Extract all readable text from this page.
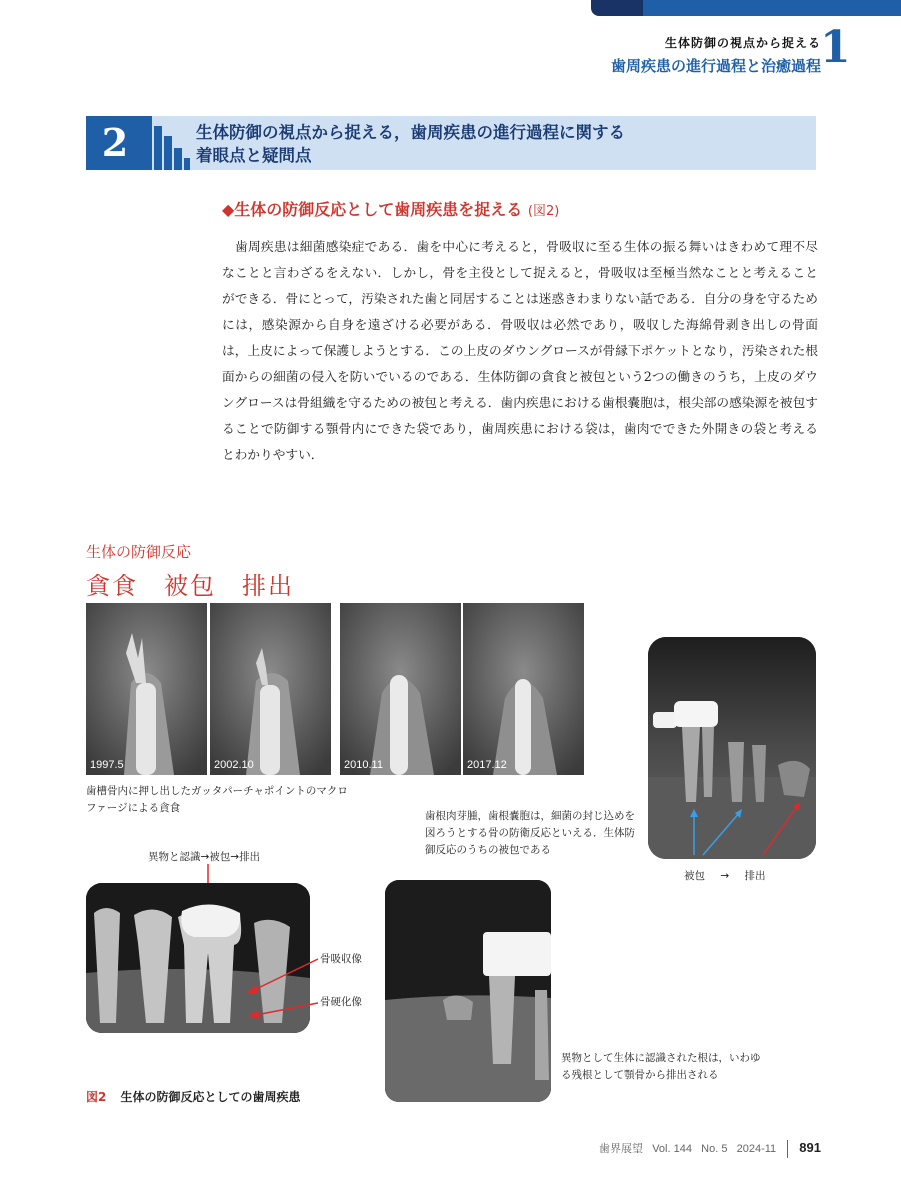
生体防御の視点から捉える
歯周疾患の進行過程と治癒過程 1
2	生体防御の視点から捉える，歯周疾患の進行過程に関する
着眼点と疑問点
◆生体の防御反応として歯周疾患を捉える (図2)

歯周疾患は細菌感染症である．歯を中心に考えると，骨吸収に至る生体の振る舞いはきわめて理不尽なことと言わざるをえない．しかし，骨を主役として捉えると，骨吸収は至極当然なことと考えることができる．骨にとって，汚染された歯と同居することは迷惑きわまりない話である．自分の身を守るためには，感染源から自身を遠ざける必要がある．骨吸収は必然であり，吸収した海綿骨剥き出しの骨面は，上皮によって保護しようとする．この上皮のダウングロースが骨縁下ポケットとなり，汚染された根面からの細菌の侵入を防いでいるのである．生体防御の貪食と被包という2つの働きのうち，上皮のダウングロースは骨組織を守るための被包と考える．歯内疾患における歯根嚢胞は，根尖部の感染源を被包することで防御する顎骨内にできた袋であり，歯周疾患における袋は，歯肉でできた外開きの袋と考えるとわかりやすい．

生体の防御反応
貪食　被包　排出
1997.5	2002.10	2010.11	2017.12
歯槽骨内に押し出したガッタパーチャポイントのマクロファージによる貪食
被包 → 排出
歯根肉芽腫，歯根嚢胞は，細菌の封じ込めを図ろうとする骨の防衛反応といえる．生体防御反応のうちの被包である
異物と認識→被包→排出
骨吸収像
骨硬化像
異物として生体に認識された根は，いわゆる残根として顎骨から排出される
図2 生体の防御反応としての歯周疾患
歯界展望 Vol. 144 No. 5 2024-11 891
